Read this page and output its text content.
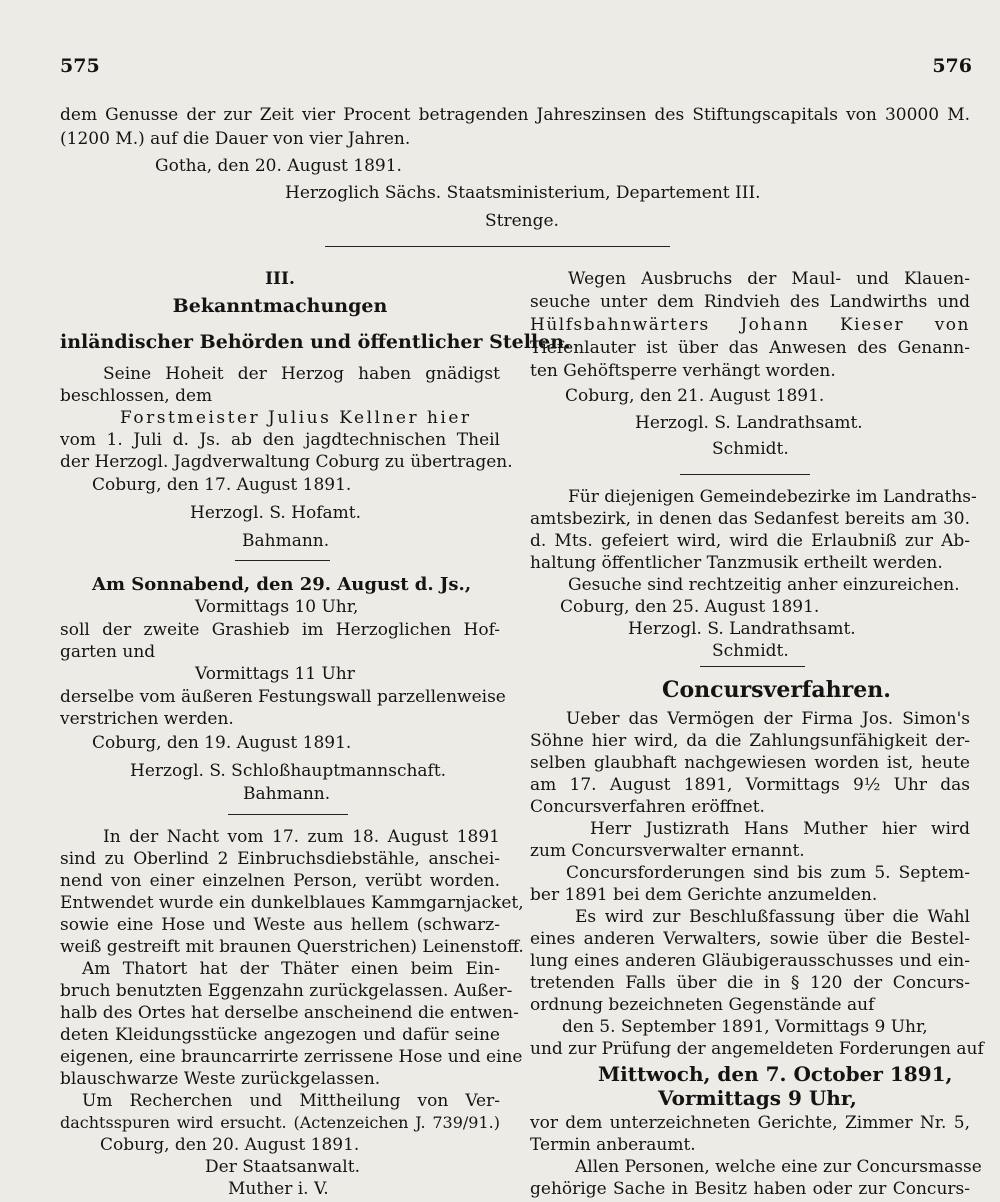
575	576
dem Genusse der zur Zeit vier Procent betragenden Jahreszinsen des Stiftungscapitals von 30000 M.
(1200 M.) auf die Dauer von vier Jahren.
Gotha, den 20. August 1891.
Herzoglich Sächs. Staatsministerium, Departement III.
Strenge.
III.
Bekanntmachungen
inländischer Behörden und öffentlicher Stellen.
Seine Hoheit der Herzog haben gnädigst
beschlossen, dem
Forstmeister Julius Kellner hier
vom 1. Juli d. Js. ab den jagdtechnischen Theil
der Herzogl. Jagdverwaltung Coburg zu übertragen.
Coburg, den 17. August 1891.
Herzogl. S. Hofamt.
Bahmann.
Am Sonnabend, den 29. August d. Js.,
Vormittags 10 Uhr,
soll der zweite Grashieb im Herzoglichen Hof-
garten und
Vormittags 11 Uhr
derselbe vom äußeren Festungswall parzellenweise
verstrichen werden.
Coburg, den 19. August 1891.
Herzogl. S. Schloßhauptmannschaft.
Bahmann.
In der Nacht vom 17. zum 18. August 1891
sind zu Oberlind 2 Einbruchsdiebstähle, anschei-
nend von einer einzelnen Person, verübt worden.
Entwendet wurde ein dunkelblaues Kammgarnjacket,
sowie eine Hose und Weste aus hellem (schwarz-
weiß gestreift mit braunen Querstrichen) Leinenstoff.
Am Thatort hat der Thäter einen beim Ein-
bruch benutzten Eggenzahn zurückgelassen. Außer-
halb des Ortes hat derselbe anscheinend die entwen-
deten Kleidungsstücke angezogen und dafür seine
eigenen, eine brauncarrirte zerrissene Hose und eine
blauschwarze Weste zurückgelassen.
Um Recherchen und Mittheilung von Ver-
dachtsspuren wird ersucht. (Actenzeichen J. 739/91.)
Coburg, den 20. August 1891.
Der Staatsanwalt.
Muther i. V.
Wegen Ausbruchs der Maul- und Klauen-
seuche unter dem Rindvieh des Landwirths und
Hülfsbahnwärters Johann Kieser von
Tiefenlauter ist über das Anwesen des Genann-
ten Gehöftsperre verhängt worden.
Coburg, den 21. August 1891.
Herzogl. S. Landrathsamt.
Schmidt.
Für diejenigen Gemeindebezirke im Landraths-
amtsbezirk, in denen das Sedanfest bereits am 30.
d. Mts. gefeiert wird, wird die Erlaubniß zur Ab-
haltung öffentlicher Tanzmusik ertheilt werden.
Gesuche sind rechtzeitig anher einzureichen.
Coburg, den 25. August 1891.
Herzogl. S. Landrathsamt.
Schmidt.
Concursverfahren.
Ueber das Vermögen der Firma Jos. Simon's
Söhne hier wird, da die Zahlungsunfähigkeit der-
selben glaubhaft nachgewiesen worden ist, heute
am 17. August 1891, Vormittags 9½ Uhr das
Concursverfahren eröffnet.
Herr Justizrath Hans Muther hier wird
zum Concursverwalter ernannt.
Concursforderungen sind bis zum 5. Septem-
ber 1891 bei dem Gerichte anzumelden.
Es wird zur Beschlußfassung über die Wahl
eines anderen Verwalters, sowie über die Bestel-
lung eines anderen Gläubigerausschusses und ein-
tretenden Falls über die in § 120 der Concurs-
ordnung bezeichneten Gegenstände auf
den 5. September 1891, Vormittags 9 Uhr,
und zur Prüfung der angemeldeten Forderungen auf
Mittwoch, den 7. October 1891,
Vormittags 9 Uhr,
vor dem unterzeichneten Gerichte, Zimmer Nr. 5,
Termin anberaumt.
Allen Personen, welche eine zur Concursmasse
gehörige Sache in Besitz haben oder zur Concurs-
